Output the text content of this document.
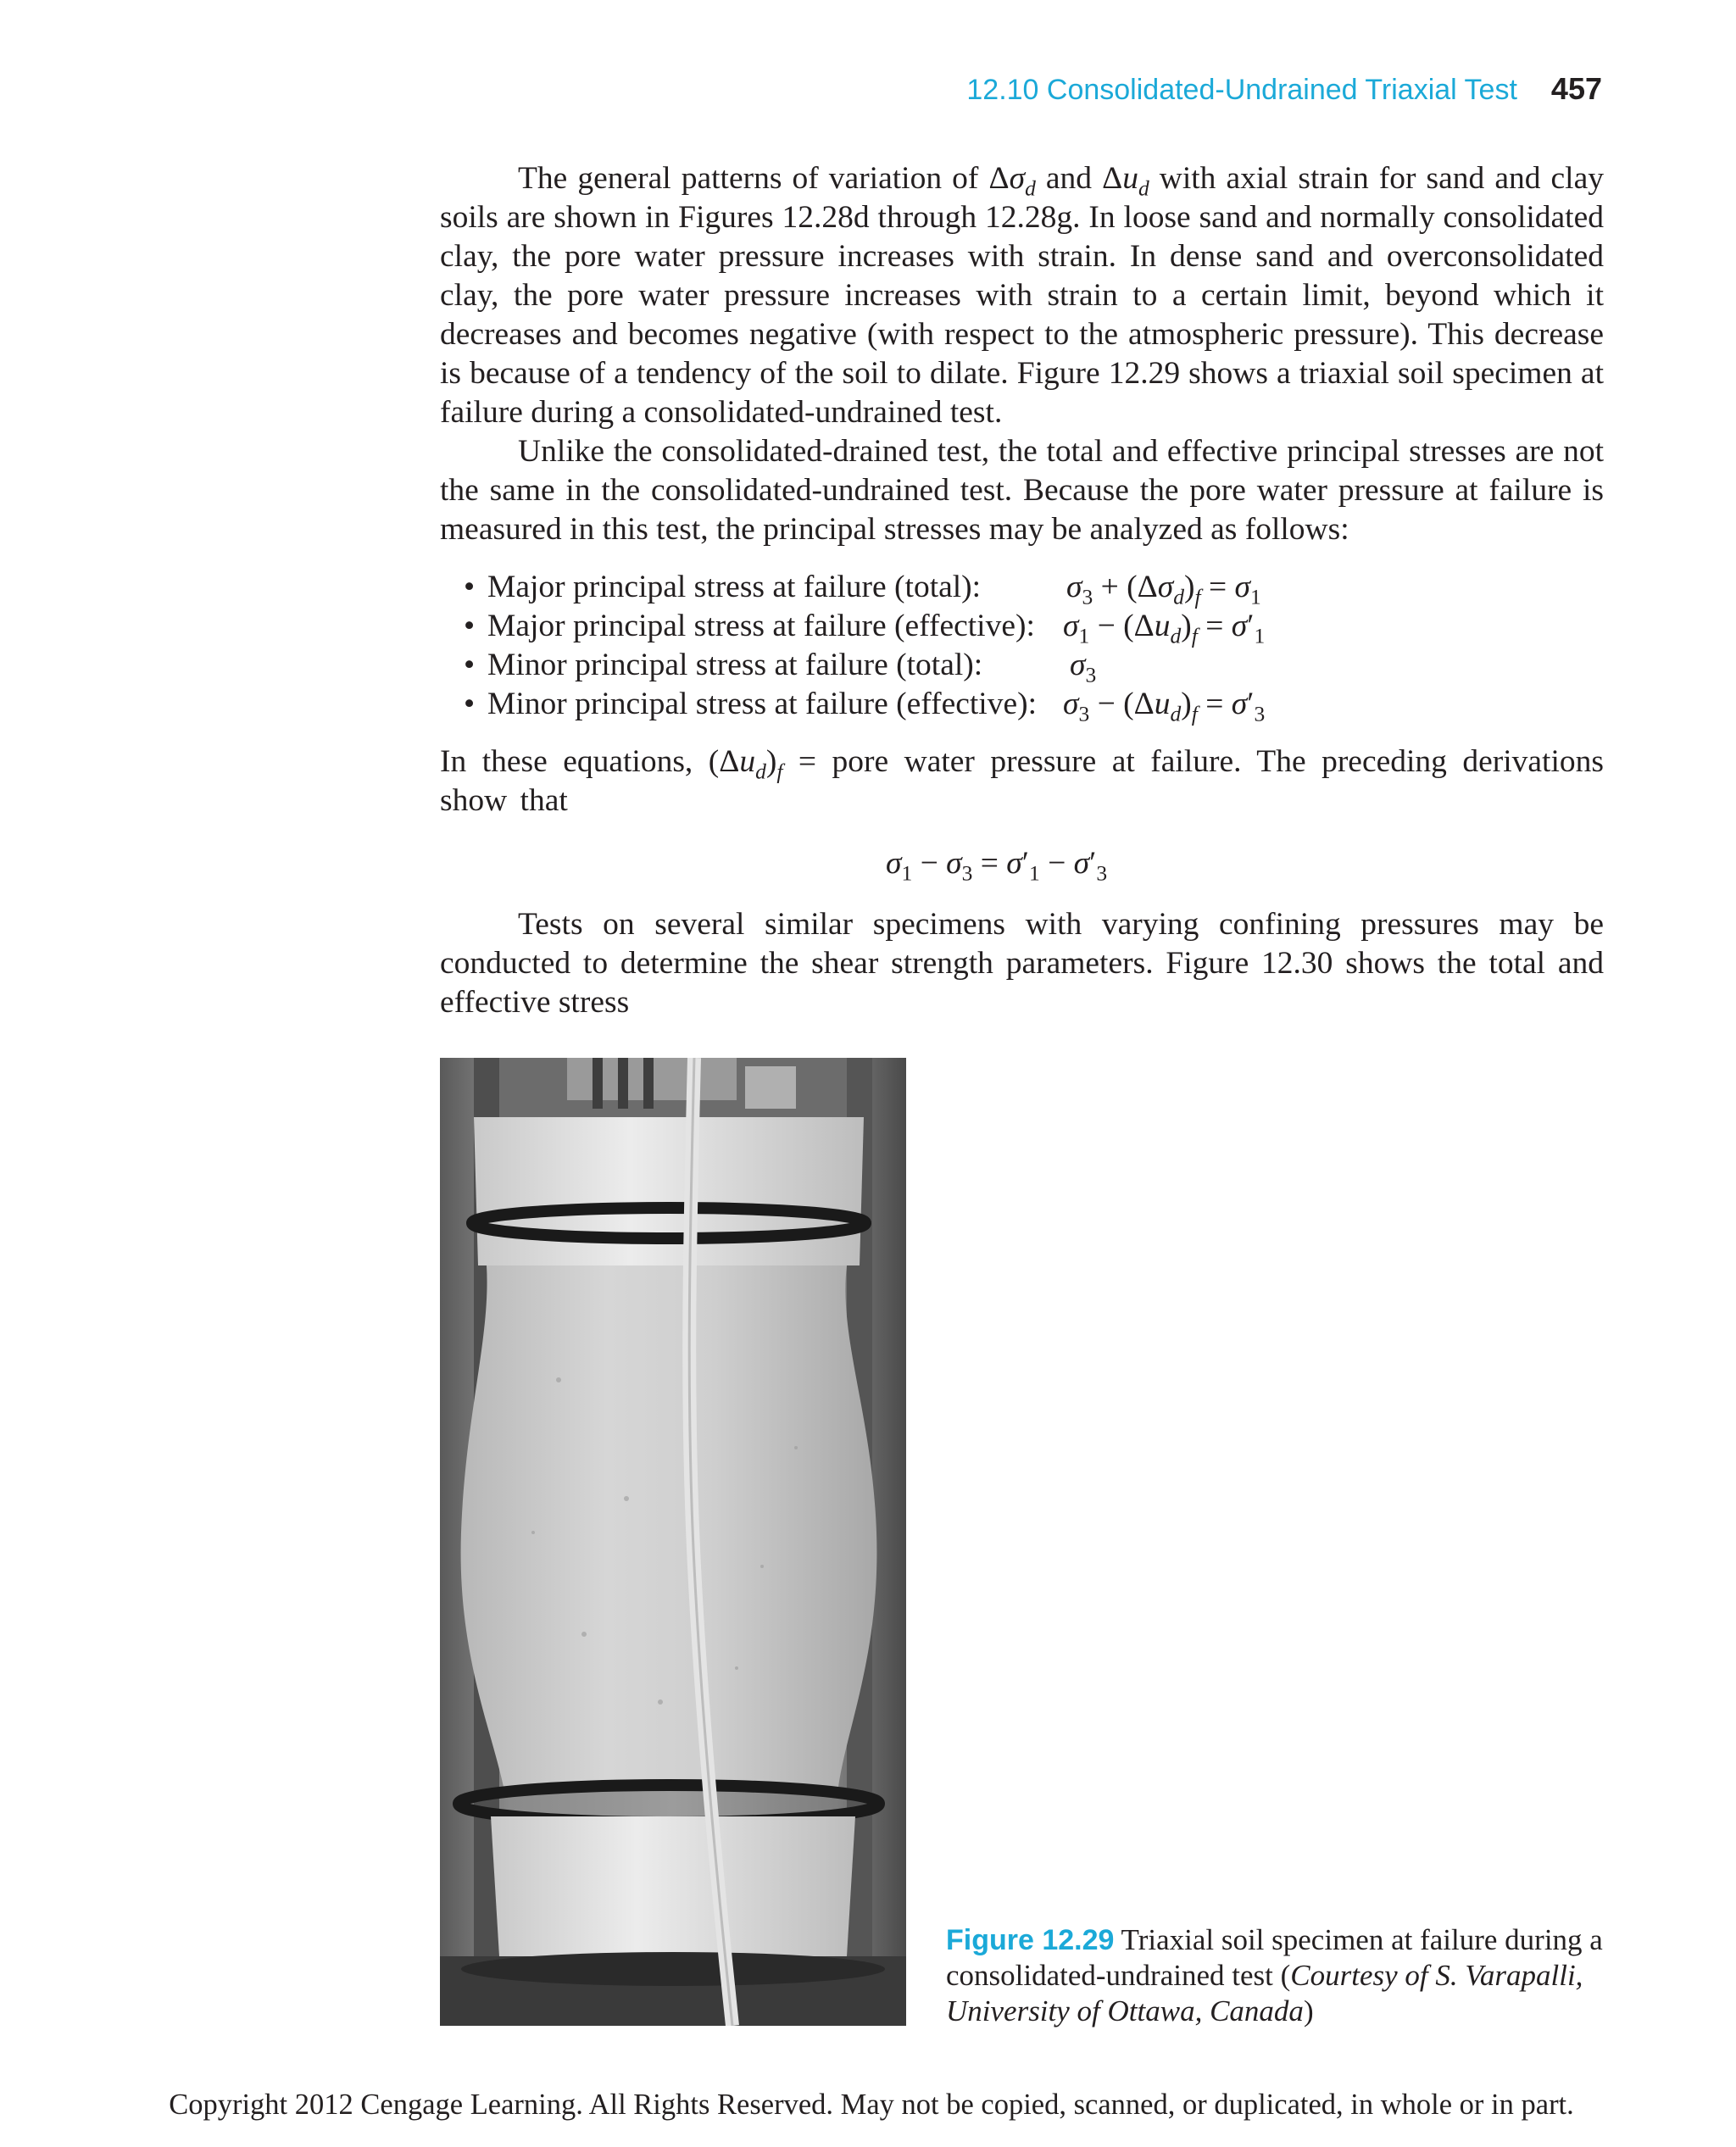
12.10 Consolidated-Undrained Triaxial Test 457

The general patterns of variation of $\Delta\sigma_d$ and $\Delta u_d$ with axial strain for sand and clay soils are shown in Figures 12.28d through 12.28g. In loose sand and normally consolidated clay, the pore water pressure increases with strain. In dense sand and overconsolidated clay, the pore water pressure increases with strain to a certain limit, beyond which it decreases and becomes negative (with respect to the atmospheric pressure). This decrease is because of a tendency of the soil to dilate. Figure 12.29 shows a triaxial soil specimen at failure during a consolidated-undrained test.

Unlike the consolidated-drained test, the total and effective principal stresses are not the same in the consolidated-undrained test. Because the pore water pressure at failure is measured in this test, the principal stresses may be analyzed as follows:

• Major principal stress at failure (total):	$\sigma_3 + (\Delta\sigma_d)_f = \sigma_1$
• Major principal stress at failure (effective): $\sigma_1 - (\Delta u_d)_f = \sigma'_1$
• Minor principal stress at failure (total):	$\sigma_3$
• Minor principal stress at failure (effective): $\sigma_3 - (\Delta u_d)_f = \sigma'_3$

In these equations, $(\Delta u_d)_f$ = pore water pressure at failure. The preceding derivations show that

$\sigma_1 - \sigma_3 = \sigma'_1 - \sigma'_3$

Tests on several similar specimens with varying confining pressures may be conducted to determine the shear strength parameters. Figure 12.30 shows the total and effective stress

Figure 12.29 Triaxial soil specimen at failure during a consolidated-undrained test (Courtesy of S. Varapalli, University of Ottawa, Canada)
Copyright 2012 Cengage Learning. All Rights Reserved. May not be copied, scanned, or duplicated, in whole or in part.
